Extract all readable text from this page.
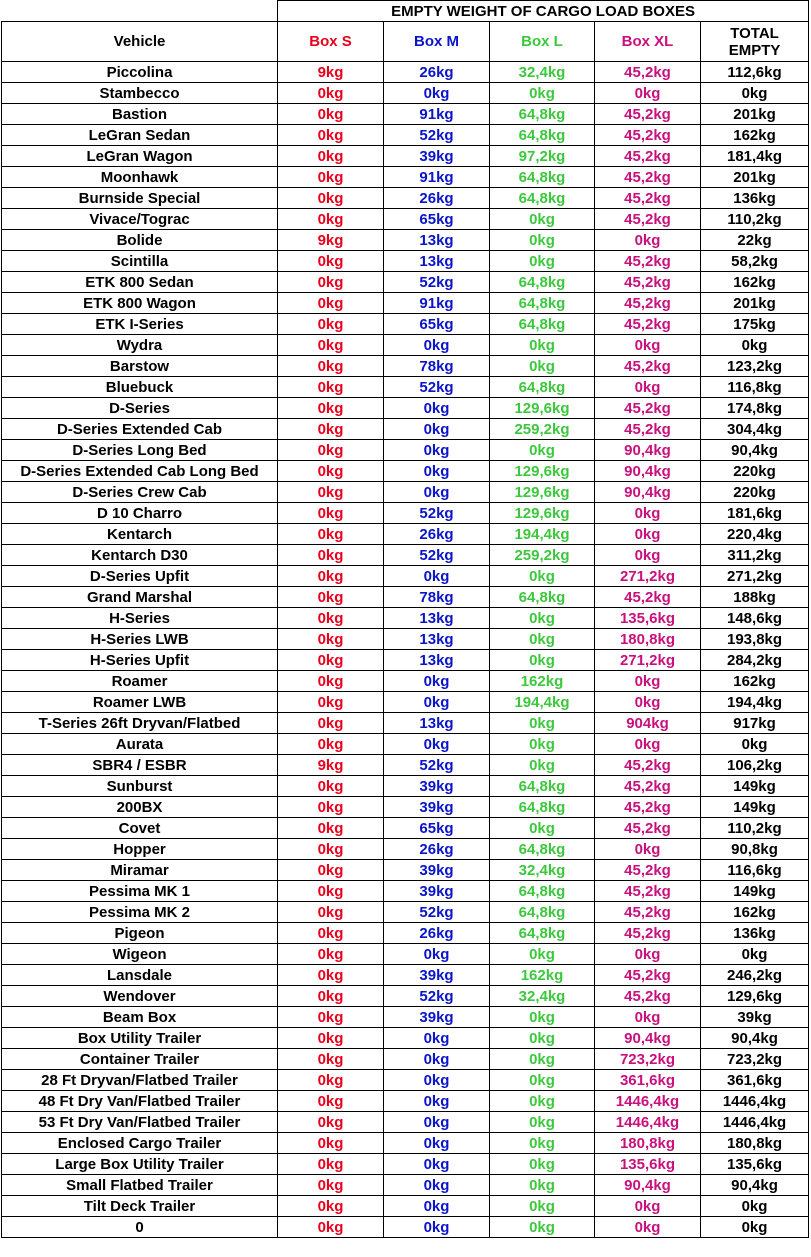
	EMPTY WEIGHT OF CARGO LOAD BOXES				
Vehicle	Box S	Box M	Box L	Box XL	TOTAL
EMPTY
Piccolina	9kg	26kg	32,4kg	45,2kg	112,6kg
Stambecco	0kg	0kg	0kg	0kg	0kg
Bastion	0kg	91kg	64,8kg	45,2kg	201kg
LeGran Sedan	0kg	52kg	64,8kg	45,2kg	162kg
LeGran Wagon	0kg	39kg	97,2kg	45,2kg	181,4kg
Moonhawk	0kg	91kg	64,8kg	45,2kg	201kg
Burnside Special	0kg	26kg	64,8kg	45,2kg	136kg
Vivace/Tograc	0kg	65kg	0kg	45,2kg	110,2kg
Bolide	9kg	13kg	0kg	0kg	22kg
Scintilla	0kg	13kg	0kg	45,2kg	58,2kg
ETK 800 Sedan	0kg	52kg	64,8kg	45,2kg	162kg
ETK 800 Wagon	0kg	91kg	64,8kg	45,2kg	201kg
ETK I-Series	0kg	65kg	64,8kg	45,2kg	175kg
Wydra	0kg	0kg	0kg	0kg	0kg
Barstow	0kg	78kg	0kg	45,2kg	123,2kg
Bluebuck	0kg	52kg	64,8kg	0kg	116,8kg
D-Series	0kg	0kg	129,6kg	45,2kg	174,8kg
D-Series Extended Cab	0kg	0kg	259,2kg	45,2kg	304,4kg
D-Series Long Bed	0kg	0kg	0kg	90,4kg	90,4kg
D-Series Extended Cab Long Bed	0kg	0kg	129,6kg	90,4kg	220kg
D-Series Crew Cab	0kg	0kg	129,6kg	90,4kg	220kg
D 10 Charro	0kg	52kg	129,6kg	0kg	181,6kg
Kentarch	0kg	26kg	194,4kg	0kg	220,4kg
Kentarch D30	0kg	52kg	259,2kg	0kg	311,2kg
D-Series Upfit	0kg	0kg	0kg	271,2kg	271,2kg
Grand Marshal	0kg	78kg	64,8kg	45,2kg	188kg
H-Series	0kg	13kg	0kg	135,6kg	148,6kg
H-Series LWB	0kg	13kg	0kg	180,8kg	193,8kg
H-Series Upfit	0kg	13kg	0kg	271,2kg	284,2kg
Roamer	0kg	0kg	162kg	0kg	162kg
Roamer LWB	0kg	0kg	194,4kg	0kg	194,4kg
T-Series 26ft Dryvan/Flatbed	0kg	13kg	0kg	904kg	917kg
Aurata	0kg	0kg	0kg	0kg	0kg
SBR4 / ESBR	9kg	52kg	0kg	45,2kg	106,2kg
Sunburst	0kg	39kg	64,8kg	45,2kg	149kg
200BX	0kg	39kg	64,8kg	45,2kg	149kg
Covet	0kg	65kg	0kg	45,2kg	110,2kg
Hopper	0kg	26kg	64,8kg	0kg	90,8kg
Miramar	0kg	39kg	32,4kg	45,2kg	116,6kg
Pessima MK 1	0kg	39kg	64,8kg	45,2kg	149kg
Pessima MK 2	0kg	52kg	64,8kg	45,2kg	162kg
Pigeon	0kg	26kg	64,8kg	45,2kg	136kg
Wigeon	0kg	0kg	0kg	0kg	0kg
Lansdale	0kg	39kg	162kg	45,2kg	246,2kg
Wendover	0kg	52kg	32,4kg	45,2kg	129,6kg
Beam Box	0kg	39kg	0kg	0kg	39kg
Box Utility Trailer	0kg	0kg	0kg	90,4kg	90,4kg
Container Trailer	0kg	0kg	0kg	723,2kg	723,2kg
28 Ft Dryvan/Flatbed Trailer	0kg	0kg	0kg	361,6kg	361,6kg
48 Ft Dry Van/Flatbed Trailer	0kg	0kg	0kg	1446,4kg	1446,4kg
53 Ft Dry Van/Flatbed Trailer	0kg	0kg	0kg	1446,4kg	1446,4kg
Enclosed Cargo Trailer	0kg	0kg	0kg	180,8kg	180,8kg
Large Box Utility Trailer	0kg	0kg	0kg	135,6kg	135,6kg
Small Flatbed Trailer	0kg	0kg	0kg	90,4kg	90,4kg
Tilt Deck Trailer	0kg	0kg	0kg	0kg	0kg
0	0kg	0kg	0kg	0kg	0kg
